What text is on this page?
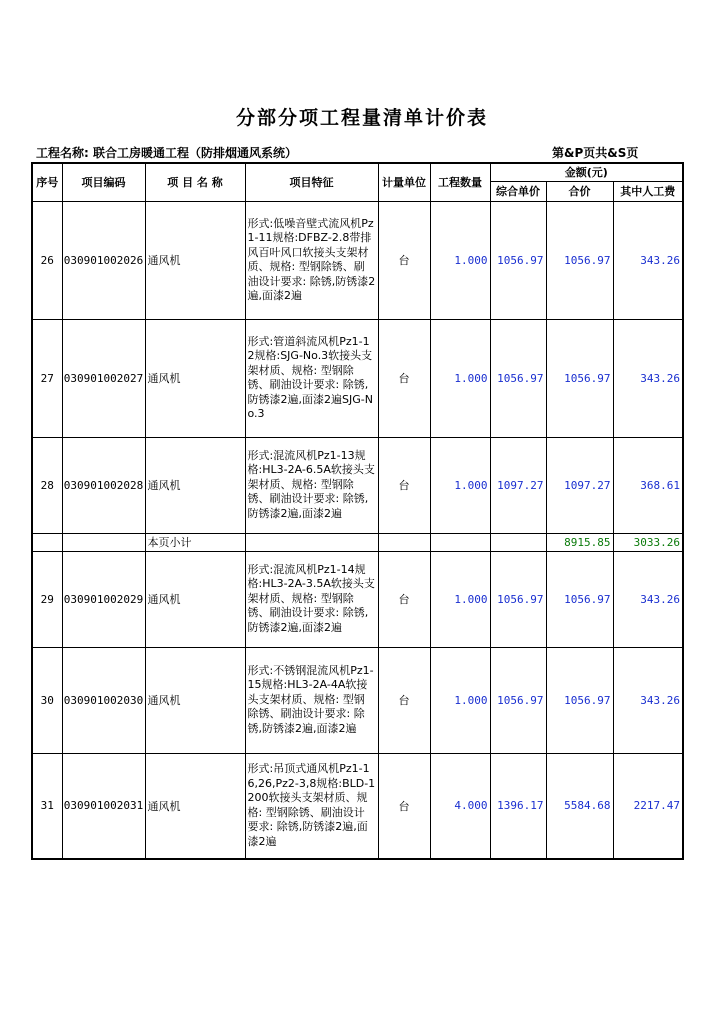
分部分项工程量清单计价表
工程名称: 联合工房暖通工程（防排烟通风系统）	第&P页共&S页
序号	项目编码	项 目 名 称	项目特征	计量单位	工程数量	金额(元)		
						综合单价	合价	其中人工费
26	030901002026	通风机	形式:低噪音壁式流风机Pz1-11规格:DFBZ-2.8带排风百叶风口软接头支架材质、规格: 型钢除锈、刷油设计要求: 除锈,防锈漆2遍,面漆2遍	台	1.000	1056.97	1056.97	343.26
27	030901002027	通风机	形式:管道斜流风机Pz1-12规格:SJG-No.3软接头支架材质、规格: 型钢除锈、刷油设计要求: 除锈,防锈漆2遍,面漆2遍SJG-No.3	台	1.000	1056.97	1056.97	343.26
28	030901002028	通风机	形式:混流风机Pz1-13规格:HL3-2A-6.5A软接头支架材质、规格: 型钢除锈、刷油设计要求: 除锈,防锈漆2遍,面漆2遍	台	1.000	1097.27	1097.27	368.61
		本页小计					8915.85	3033.26
29	030901002029	通风机	形式:混流风机Pz1-14规格:HL3-2A-3.5A软接头支架材质、规格: 型钢除锈、刷油设计要求: 除锈,防锈漆2遍,面漆2遍	台	1.000	1056.97	1056.97	343.26
30	030901002030	通风机	形式:不锈钢混流风机Pz1-15规格:HL3-2A-4A软接头支架材质、规格: 型钢除锈、刷油设计要求: 除锈,防锈漆2遍,面漆2遍	台	1.000	1056.97	1056.97	343.26
31	030901002031	通风机	形式:吊顶式通风机Pz1-16,26,Pz2-3,8规格:BLD-1200软接头支架材质、规格: 型钢除锈、刷油设计要求: 除锈,防锈漆2遍,面漆2遍	台	4.000	1396.17	5584.68	2217.47
